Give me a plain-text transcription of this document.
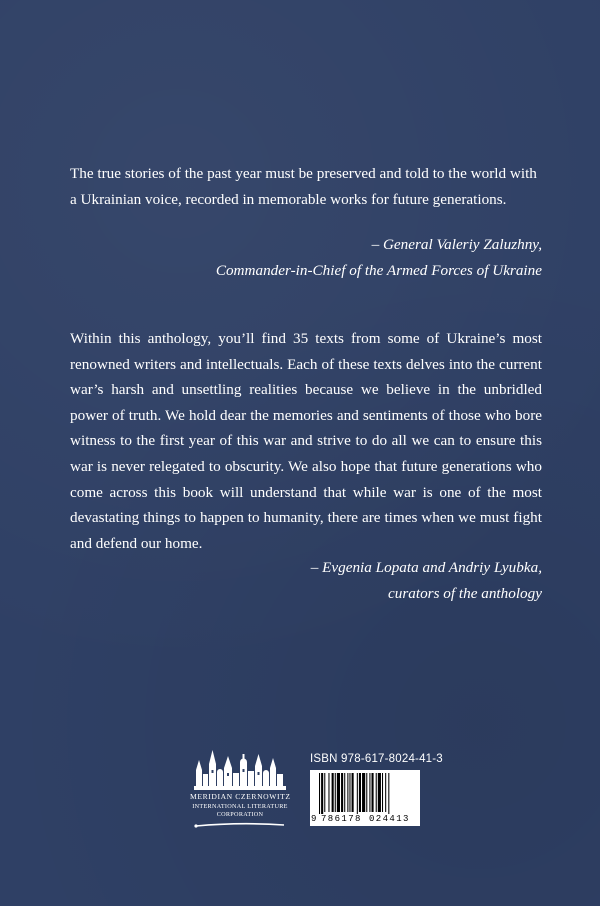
The true stories of the past year must be preserved and told to the world with a Ukrainian voice, recorded in memorable works for future generations.

– General Valeriy Zaluzhny,
Commander-in-Chief of the Armed Forces of Ukraine

Within this anthology, you’ll find 35 texts from some of Ukraine’s most renowned writers and intellectuals. Each of these texts delves into the current war’s harsh and unsettling realities because we believe in the unbridled power of truth. We hold dear the memories and sentiments of those who bore witness to the first year of this war and strive to do all we can to ensure this war is never relegated to obscurity. We also hope that future generations who come across this book will understand that while war is one of the most devastating things to happen to humanity, there are times when we must fight and defend our home.

– Evgenia Lopata and Andriy Lyubka,
curators of the anthology
MERIDIAN CZERNOWITZ
INTERNATIONAL LITERATURE
CORPORATION
ISBN 978-617-8024-41-3
9 786178 024413
